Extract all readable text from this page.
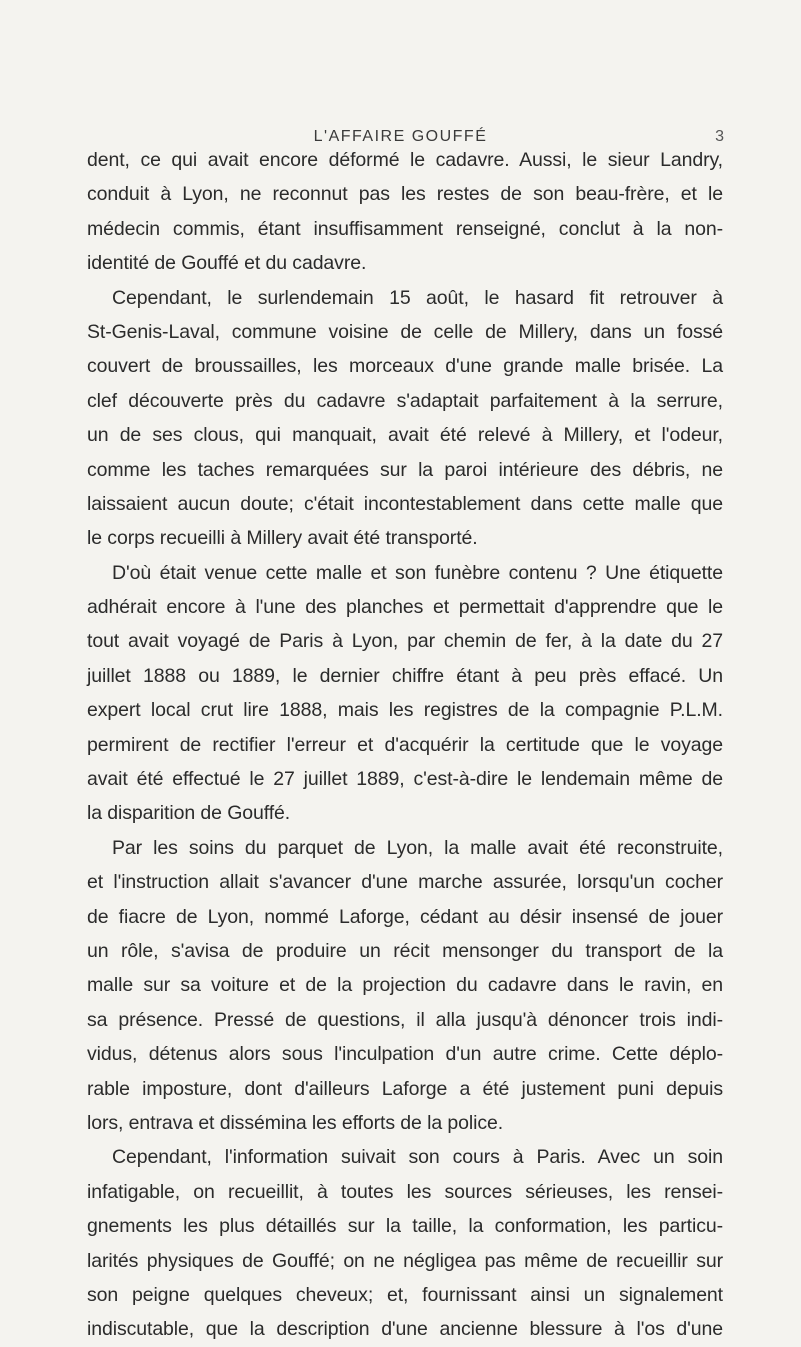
L'AFFAIRE GOUFFÉ	3
dent, ce qui avait encore déformé le cadavre. Aussi, le sieur Landry,
conduit à Lyon, ne reconnut pas les restes de son beau-frère, et le
médecin commis, étant insuffisamment renseigné, conclut à la non-
identité de Gouffé et du cadavre.
Cependant, le surlendemain 15 août, le hasard fit retrouver à
St-Genis-Laval, commune voisine de celle de Millery, dans un fossé
couvert de broussailles, les morceaux d'une grande malle brisée. La
clef découverte près du cadavre s'adaptait parfaitement à la serrure,
un de ses clous, qui manquait, avait été relevé à Millery, et l'odeur,
comme les taches remarquées sur la paroi intérieure des débris, ne
laissaient aucun doute; c'était incontestablement dans cette malle que
le corps recueilli à Millery avait été transporté.
D'où était venue cette malle et son funèbre contenu ? Une étiquette
adhérait encore à l'une des planches et permettait d'apprendre que le
tout avait voyagé de Paris à Lyon, par chemin de fer, à la date du 27
juillet 1888 ou 1889, le dernier chiffre étant à peu près effacé. Un
expert local crut lire 1888, mais les registres de la compagnie P.L.M.
permirent de rectifier l'erreur et d'acquérir la certitude que le voyage
avait été effectué le 27 juillet 1889, c'est-à-dire le lendemain même de
la disparition de Gouffé.
Par les soins du parquet de Lyon, la malle avait été reconstruite,
et l'instruction allait s'avancer d'une marche assurée, lorsqu'un cocher
de fiacre de Lyon, nommé Laforge, cédant au désir insensé de jouer
un rôle, s'avisa de produire un récit mensonger du transport de la
malle sur sa voiture et de la projection du cadavre dans le ravin, en
sa présence. Pressé de questions, il alla jusqu'à dénoncer trois indi-
vidus, détenus alors sous l'inculpation d'un autre crime. Cette déplo-
rable imposture, dont d'ailleurs Laforge a été justement puni depuis
lors, entrava et dissémina les efforts de la police.
Cependant, l'information suivait son cours à Paris. Avec un soin
infatigable, on recueillit, à toutes les sources sérieuses, les rensei-
gnements les plus détaillés sur la taille, la conformation, les particu-
larités physiques de Gouffé; on ne négligea pas même de recueillir sur
son peigne quelques cheveux; et, fournissant ainsi un signalement
indiscutable, que la description d'une ancienne blessure à l'os d'une
